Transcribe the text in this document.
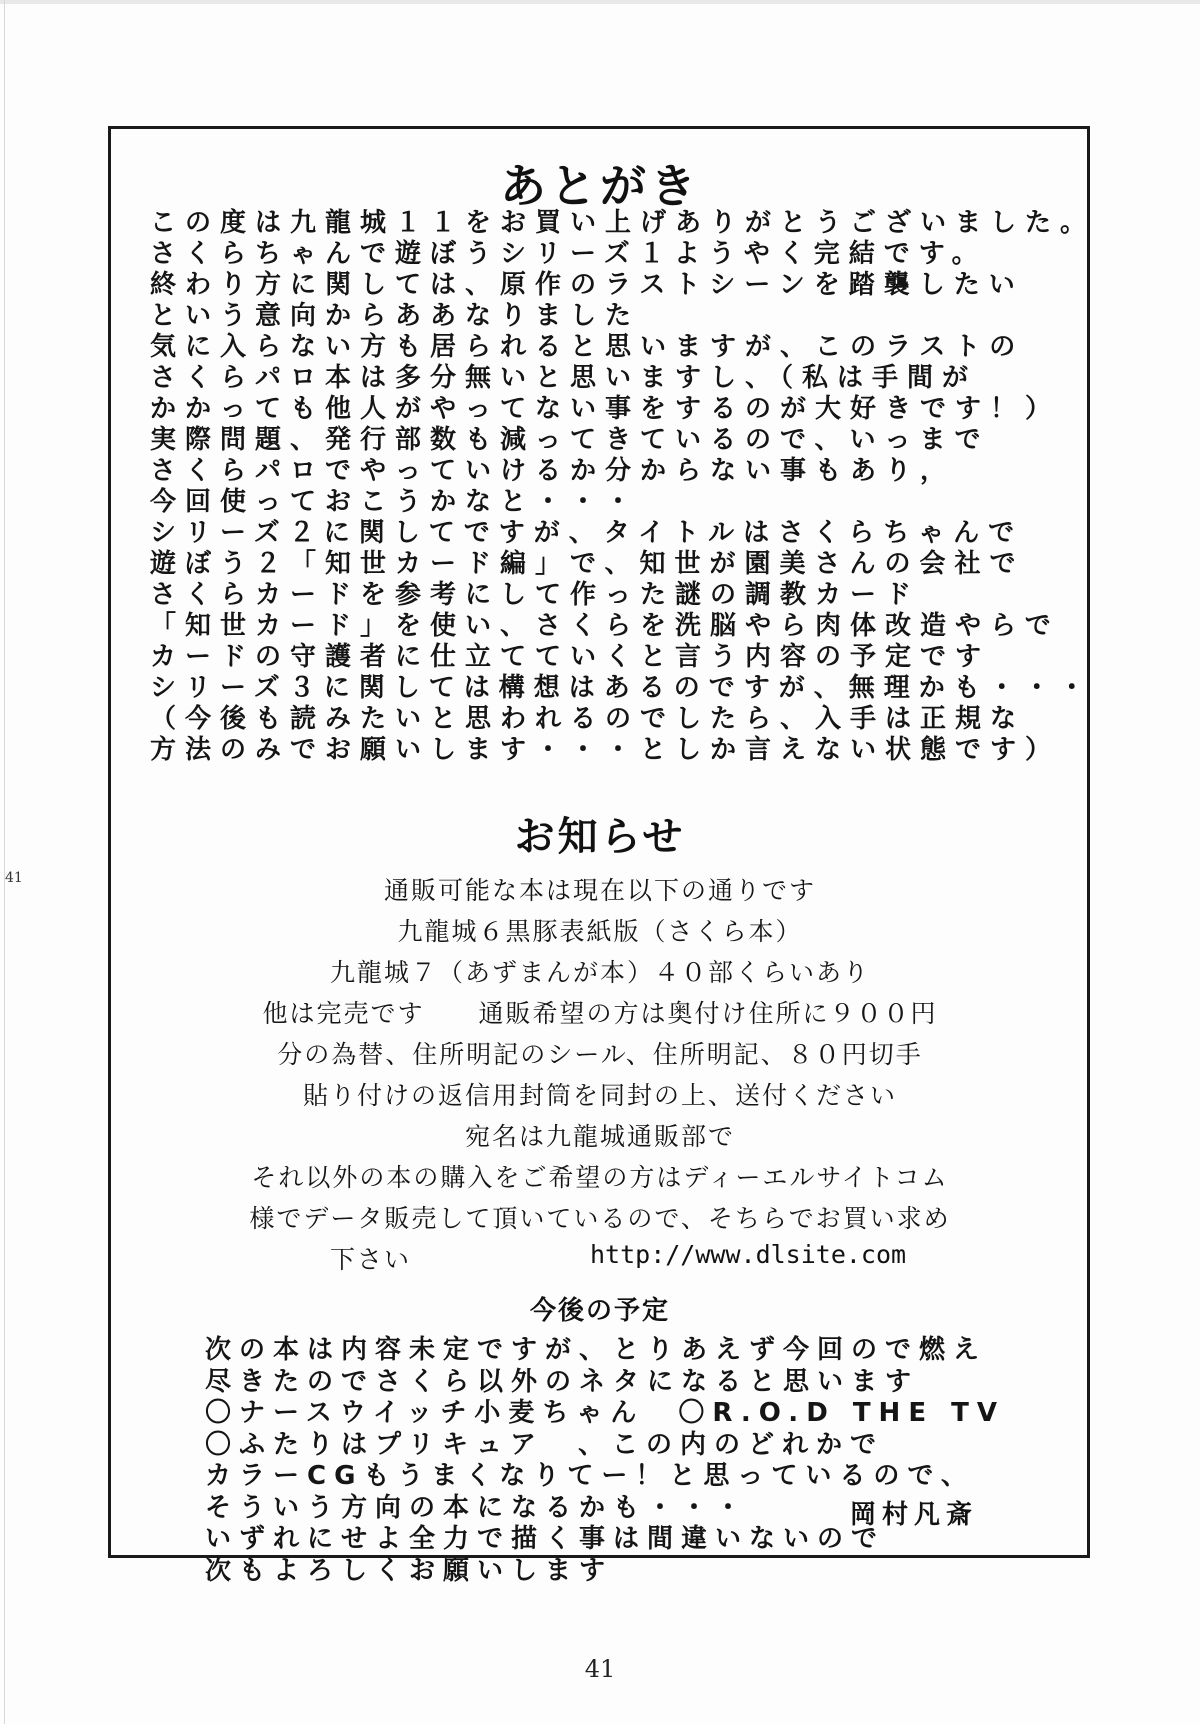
41
あとがき
この度は九龍城１１をお買い上げありがとうございました。
さくらちゃんで遊ぼうシリーズ１ようやく完結です。
終わり方に関しては、原作のラストシーンを踏襲したい
という意向からああなりました
気に入らない方も居られると思いますが、このラストの
さくらパロ本は多分無いと思いますし、（私は手間が
かかっても他人がやってない事をするのが大好きです！）
実際問題、発行部数も減ってきているので、いっまで
さくらパロでやっていけるか分からない事もあり，
今回使っておこうかなと・・・
シリーズ２に関してですが、タイトルはさくらちゃんで
遊ぼう２「知世カード編」で、知世が園美さんの会社で
さくらカードを参考にして作った謎の調教カード
「知世カード」を使い、さくらを洗脳やら肉体改造やらで
カードの守護者に仕立てていくと言う内容の予定です
シリーズ３に関しては構想はあるのですが、無理かも・・・
（今後も読みたいと思われるのでしたら、入手は正規な
方法のみでお願いします・・・としか言えない状態です）
お知らせ
通販可能な本は現在以下の通りです
九龍城６黒豚表紙版（さくら本）
九龍城７（あずまんが本）４０部くらいあり
他は完売です　　通販希望の方は奥付け住所に９００円
分の為替、住所明記のシール、住所明記、８０円切手
貼り付けの返信用封筒を同封の上、送付ください
宛名は九龍城通販部で
それ以外の本の購入をご希望の方はディーエルサイトコム
様でデータ販売して頂いているので、そちらでお買い求め
下さい	http://www.dlsite.com
今後の予定
次の本は内容未定ですが、とりあえず今回ので燃え
尽きたのでさくら以外のネタになると思います
〇ナースウイッチ小麦ちゃん　〇R.O.D THE TV
〇ふたりはプリキュア　、この内のどれかで
カラーCGもうまくなりてー！と思っているので、
そういう方向の本になるかも・・・
いずれにせよ全力で描く事は間違いないので
次もよろしくお願いします
岡村凡斎
41
